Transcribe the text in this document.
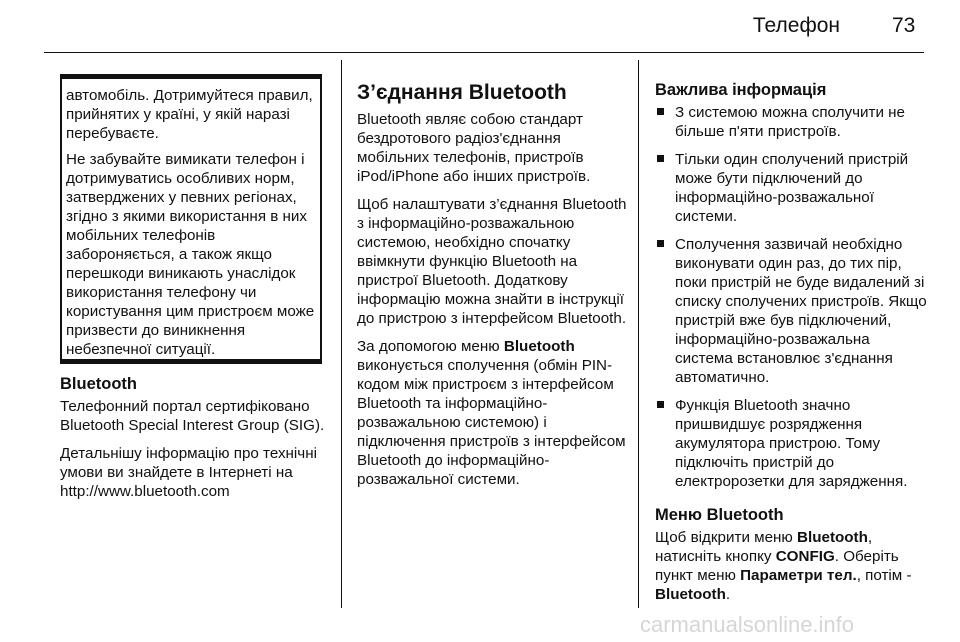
Телефон 73

автомобіль. Дотримуйтеся правил, прийнятих у країні, у якій наразі перебуваєте.

Не забувайте вимикати телефон і дотримуватись особливих норм, затверджених у певних регіонах, згідно з якими використання в них мобільних телефонів забороняється, а також якщо перешкоди виникають унаслідок використання телефону чи користування цим пристроєм може призвести до виникнення небезпечної ситуації.

Bluetooth

Телефонний портал сертифіковано Bluetooth Special Interest Group (SIG).

Детальнішу інформацію про технічні умови ви знайдете в Інтернеті на http://www.bluetooth.com

З’єднання Bluetooth

Bluetooth являє собою стандарт бездротового радіоз'єднання мобільних телефонів, пристроїв iPod/iPhone або інших пристроїв.

Щоб налаштувати з’єднання Bluetooth з інформаційно-розважальною системою, необхідно спочатку ввімкнути функцію Bluetooth на пристрої Bluetooth. Додаткову інформацію можна знайти в інструкції до пристрою з інтерфейсом Bluetooth.

За допомогою меню Bluetooth виконується сполучення (обмін PIN-кодом між пристроєм з інтерфейсом Bluetooth та інформаційно-розважальною системою) і підключення пристроїв з інтерфейсом Bluetooth до інформаційно-розважальної системи.

Важлива інформація
З системою можна сполучити не більше п'яти пристроїв.
Тільки один сполучений пристрій може бути підключений до інформаційно-розважальної системи.
Сполучення зазвичай необхідно виконувати один раз, до тих пір, поки пристрій не буде видалений зі списку сполучених пристроїв. Якщо пристрій вже був підключений, інформаційно-розважальна система встановлює з'єднання автоматично.
Функція Bluetooth значно пришвидшує розрядження акумулятора пристрою. Тому підключіть пристрій до електророзетки для зарядження.
Меню Bluetooth

Щоб відкрити меню Bluetooth, натисніть кнопку CONFIG. Оберіть пункт меню Параметри тел., потім - Bluetooth.

carmanualsonline.info
